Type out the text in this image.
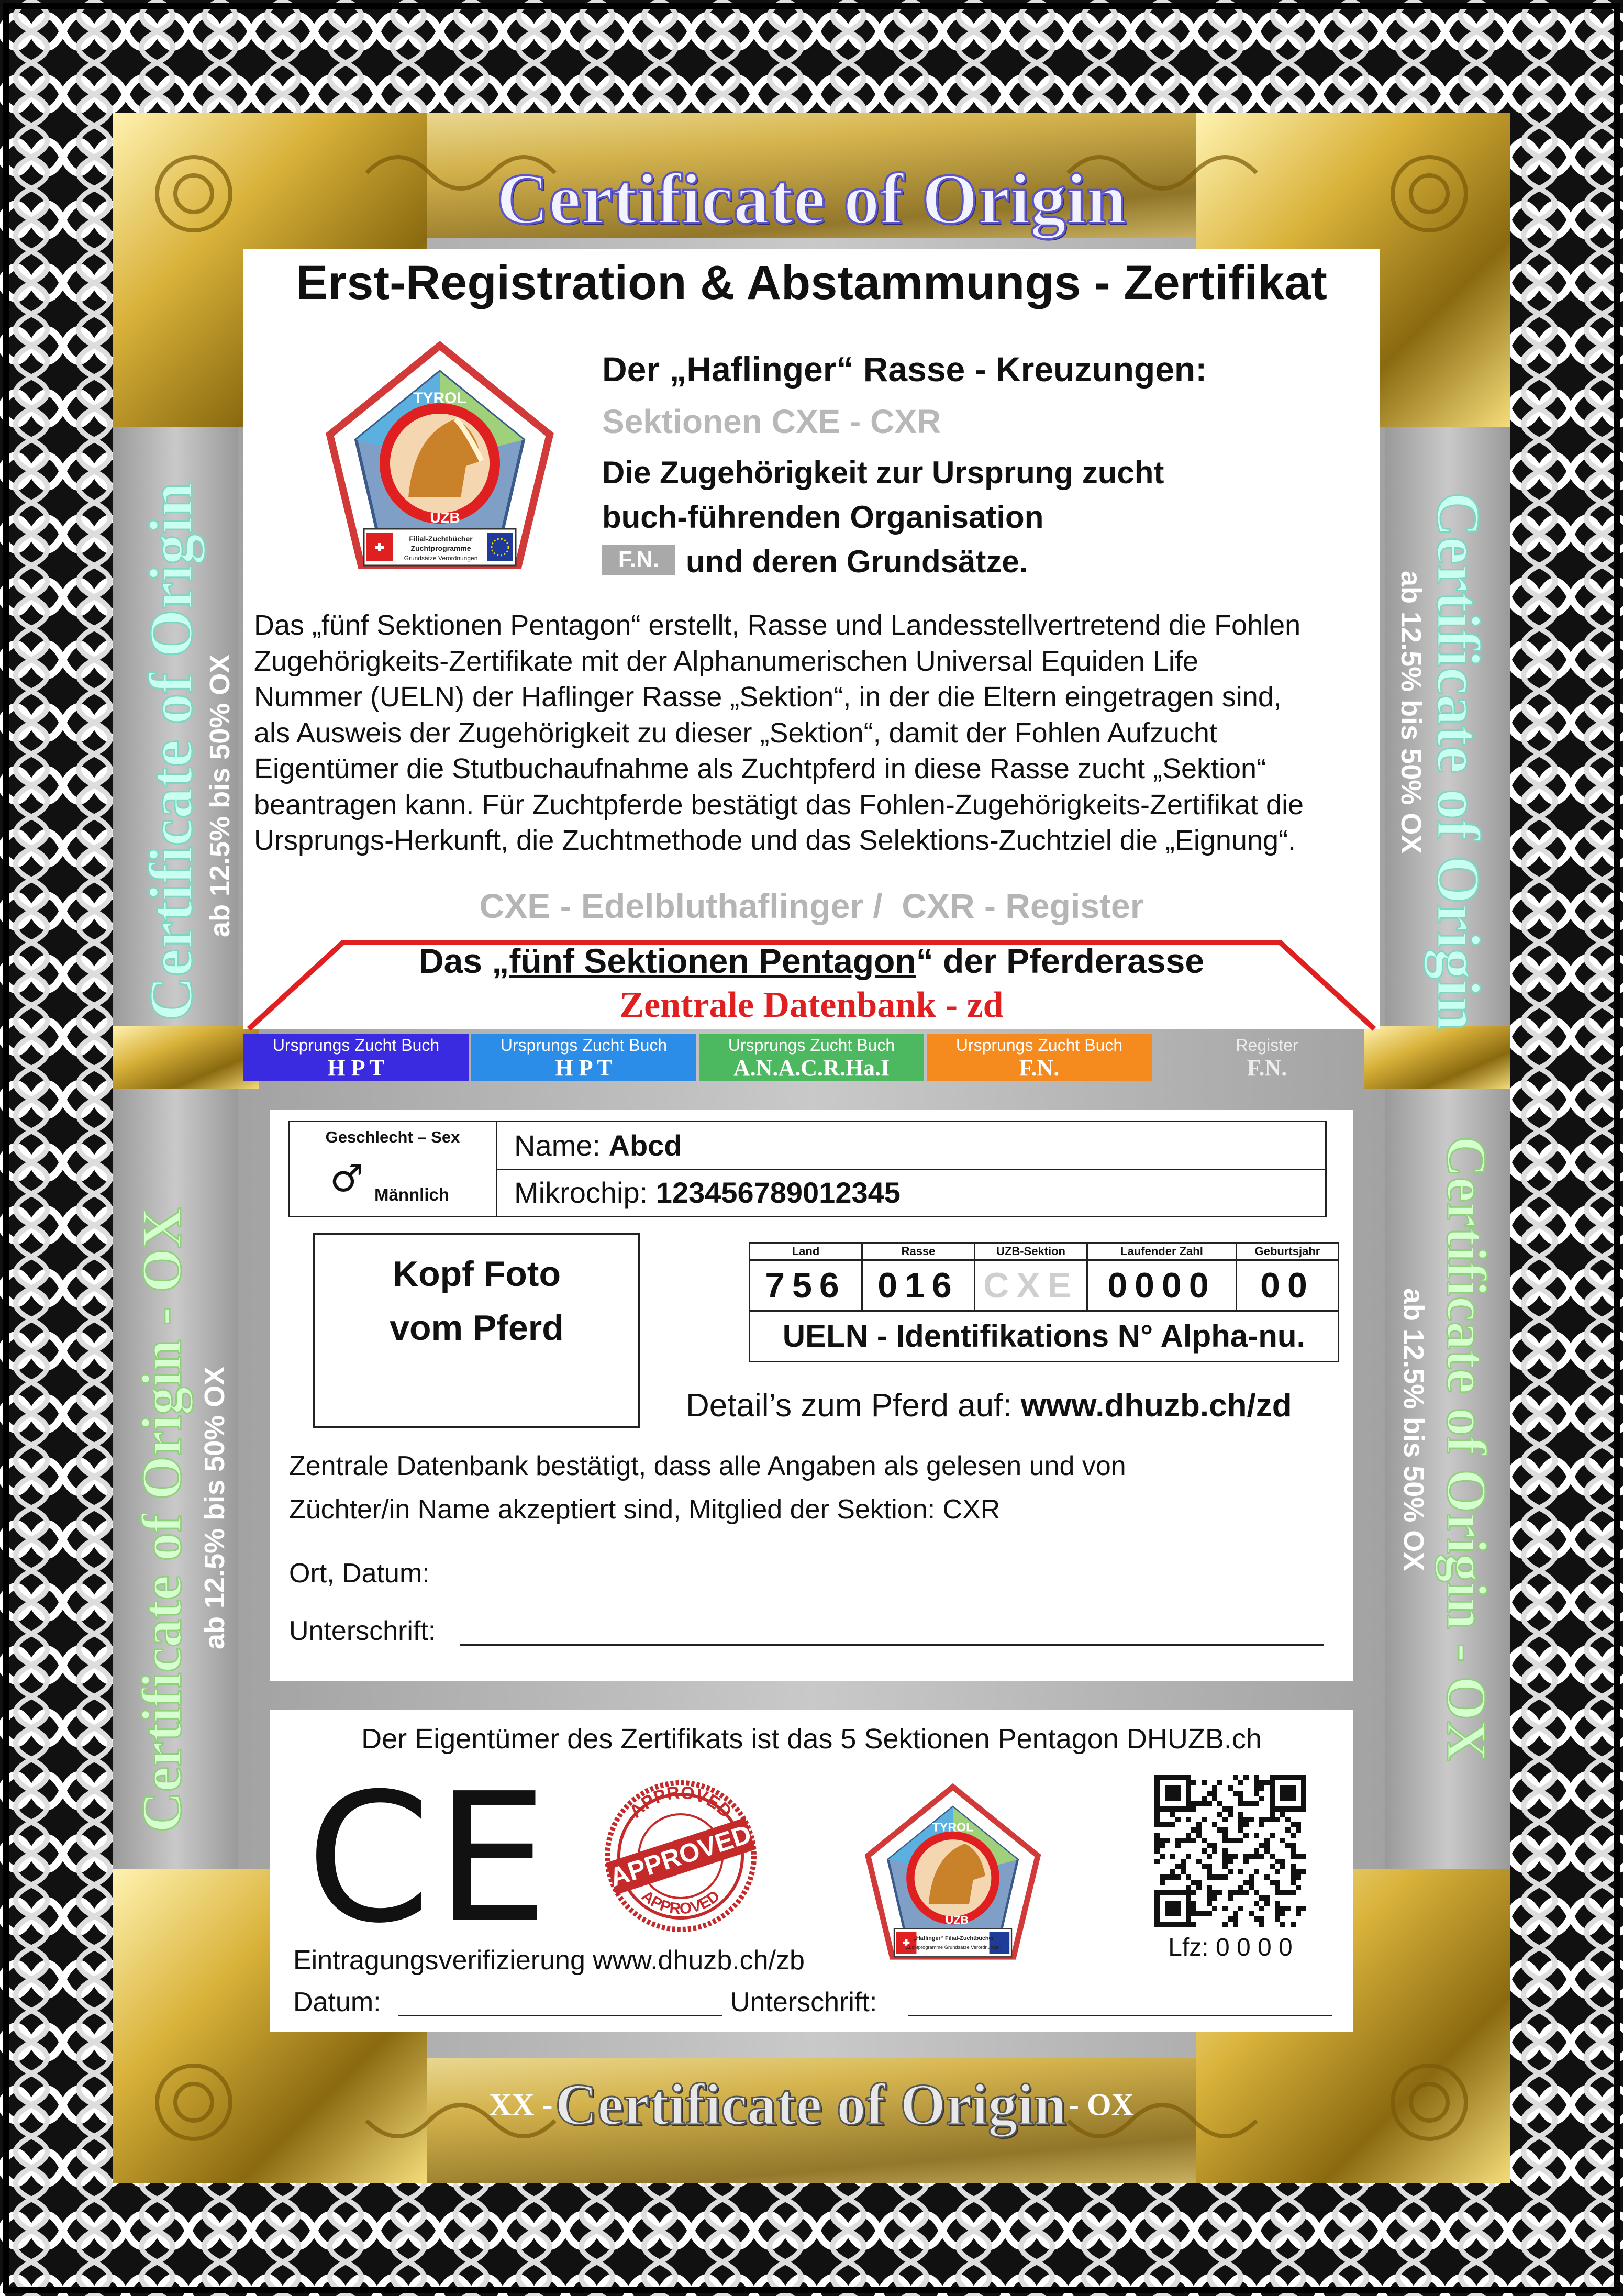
Certificate of Origin
Erst-Registration & Abstammungs - Zertifikat
TYROL
UZB
Filial-Zuchtbücher
Zuchtprogramme
Grundsätze Verordnungen
Der „Haflinger“ Rasse - Kreuzungen:
Sektionen CXE - CXR
Die Zugehörigkeit zur Ursprung zucht
buch-führenden Organisation
F.N. und deren Grundsätze.
Das „fünf Sektionen Pentagon“ erstellt, Rasse und Landesstellvertretend die Fohlen
Zugehörigkeits-Zertifikate mit der Alphanumerischen Universal Equiden Life
Nummer (UELN) der Haflinger Rasse „Sektion“, in der die Eltern eingetragen sind,
als Ausweis der Zugehörigkeit zu dieser „Sektion“, damit der Fohlen Aufzucht
Eigentümer die Stutbuchaufnahme als Zuchtpferd in diese Rasse zucht „Sektion“
beantragen kann. Für Zuchtpferde bestätigt das Fohlen-Zugehörigkeits-Zertifikat die
Ursprungs-Herkunft, die Zuchtmethode und das Selektions-Zuchtziel die „Eignung“.
CXE - Edelbluthaflinger /  CXR - Register
Das „fünf Sektionen Pentagon“ der Pferderasse
Zentrale Datenbank - zd
Ursprungs Zucht Buch
H P T
Ursprungs Zucht Buch
H P T
Ursprungs Zucht Buch
A.N.A.C.R.Ha.I
Ursprungs Zucht Buch
F.N.
Register
F.N.
Certificate of Origin
ab 12.5% bis 50% OX
Certificate of Origin - OX ab 12.5% bis 50% OX
Certificate of Origin
ab 12.5% bis 50% OX
Certificate of Origin - OX
ab 12.5% bis 50% OX
Geschlecht – Sex
♂ Männlich
Name: Abcd
Mikrochip: 123456789012345
Kopf Foto
vom Pferd
Land
756
Rasse
016
UZB-Sektion
CXE
Laufender Zahl
0000
Geburtsjahr
00
UELN - Identifikations N° Alpha-nu.
Detail’s zum Pferd auf: www.dhuzb.ch/zd
Zentrale Datenbank bestätigt, dass alle Angaben als gelesen und von
Züchter/in Name akzeptiert sind, Mitglied der Sektion: CXR
Ort, Datum:
Unterschrift:
Der Eigentümer des Zertifikats ist das 5 Sektionen Pentagon DHUZB.ch
CE	APPROVED
APPROVED
APPROVED	TYROL
UZB
„Haflinger“ Filial-Zuchtbücher
Zuchtprogramme Grundsätze Verordnungen	Lfz: 0 0 0 0
Eintragungsverifizierung www.dhuzb.ch/zb
Datum:	Unterschrift:
XX - Certificate of Origin - OX
